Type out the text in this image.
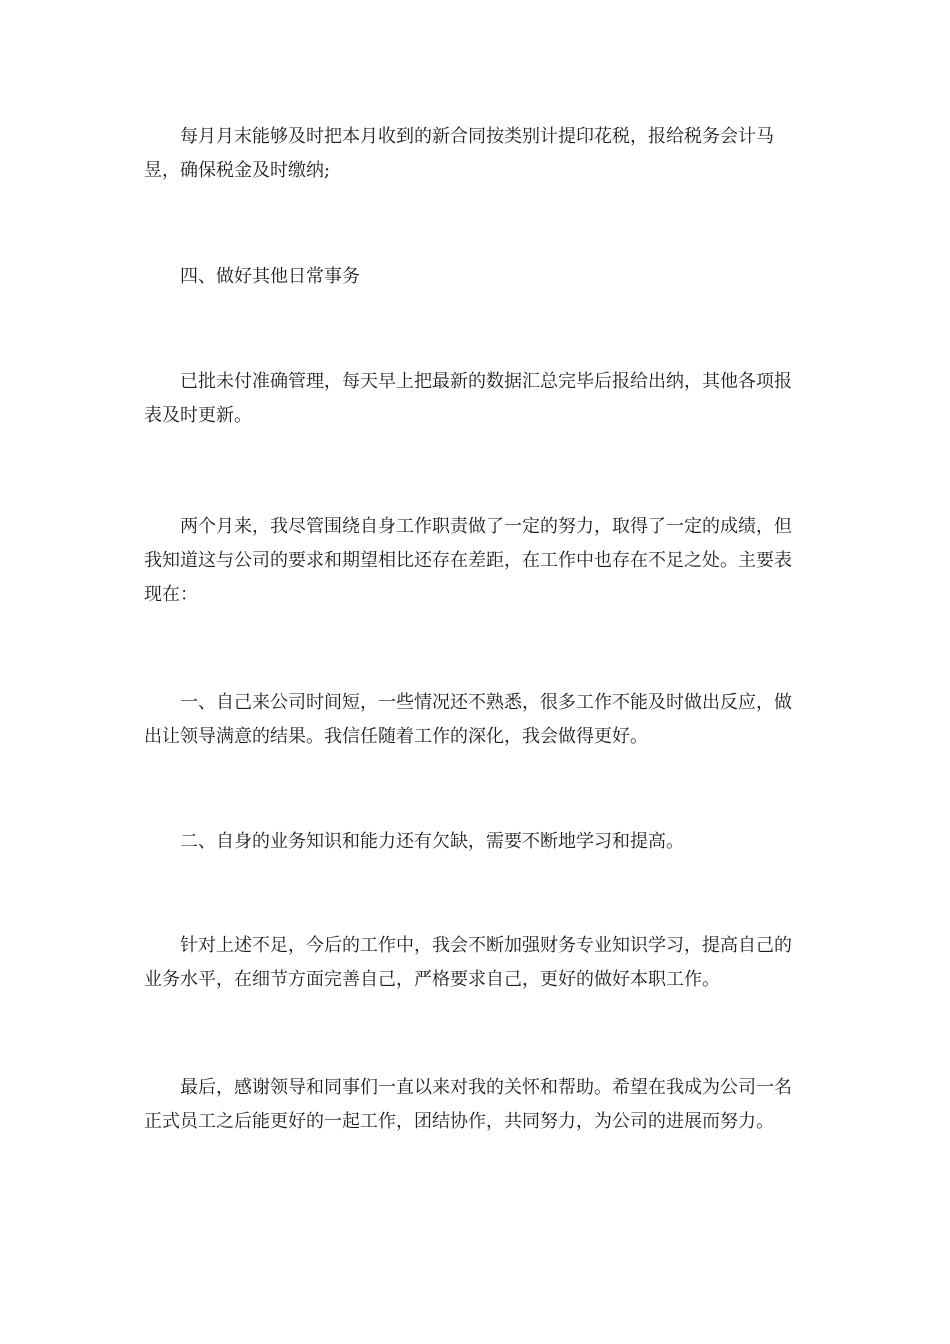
每月月末能够及时把本月收到的新合同按类别计提印花税，报给税务会计马昱，确保税金及时缴纳;

四、做好其他日常事务

已批未付准确管理，每天早上把最新的数据汇总完毕后报给出纳，其他各项报表及时更新。

两个月来，我尽管围绕自身工作职责做了一定的努力，取得了一定的成绩，但我知道这与公司的要求和期望相比还存在差距，在工作中也存在不足之处。主要表现在：

一、自己来公司时间短，一些情况还不熟悉，很多工作不能及时做出反应，做出让领导满意的结果。我信任随着工作的深化，我会做得更好。

二、自身的业务知识和能力还有欠缺，需要不断地学习和提高。

针对上述不足，今后的工作中，我会不断加强财务专业知识学习，提高自己的业务水平，在细节方面完善自己，严格要求自己，更好的做好本职工作。

最后，感谢领导和同事们一直以来对我的关怀和帮助。希望在我成为公司一名正式员工之后能更好的一起工作，团结协作，共同努力，为公司的进展而努力。
